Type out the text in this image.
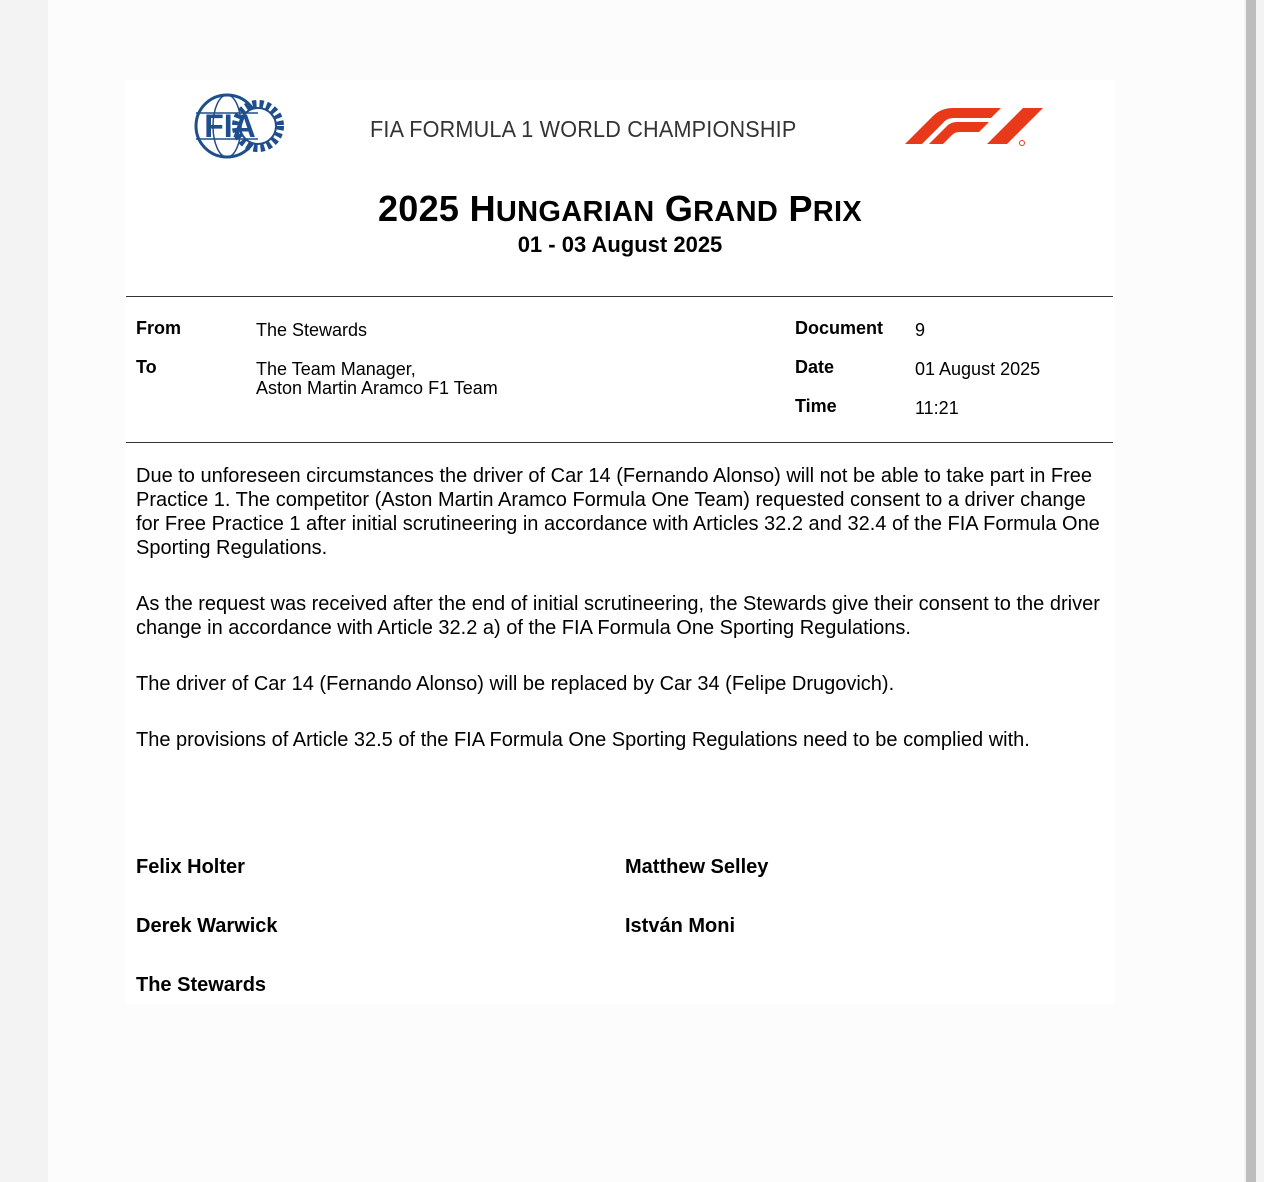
FIA	FIA FORMULA 1 WORLD CHAMPIONSHIP
2025 HUNGARIAN GRAND PRIX
01 - 03 August 2025
From	The Stewards
To	The Team Manager,
Aston Martin Aramco F1 Team
Document 9
Date	01 August 2025
Time	11:21
Due to unforeseen circumstances the driver of Car 14 (Fernando Alonso) will not be able to take part in Free Practice 1. The competitor (Aston Martin Aramco Formula One Team) requested consent to a driver change for Free Practice 1 after initial scrutineering in accordance with Articles 32.2 and 32.4 of the FIA Formula One Sporting Regulations.
As the request was received after the end of initial scrutineering, the Stewards give their consent to the driver change in accordance with Article 32.2 a) of the FIA Formula One Sporting Regulations.
The driver of Car 14 (Fernando Alonso) will be replaced by Car 34 (Felipe Drugovich).
The provisions of Article 32.5 of the FIA Formula One Sporting Regulations need to be complied with.
Felix Holter	Matthew Selley
Derek Warwick	István Moni
The Stewards
